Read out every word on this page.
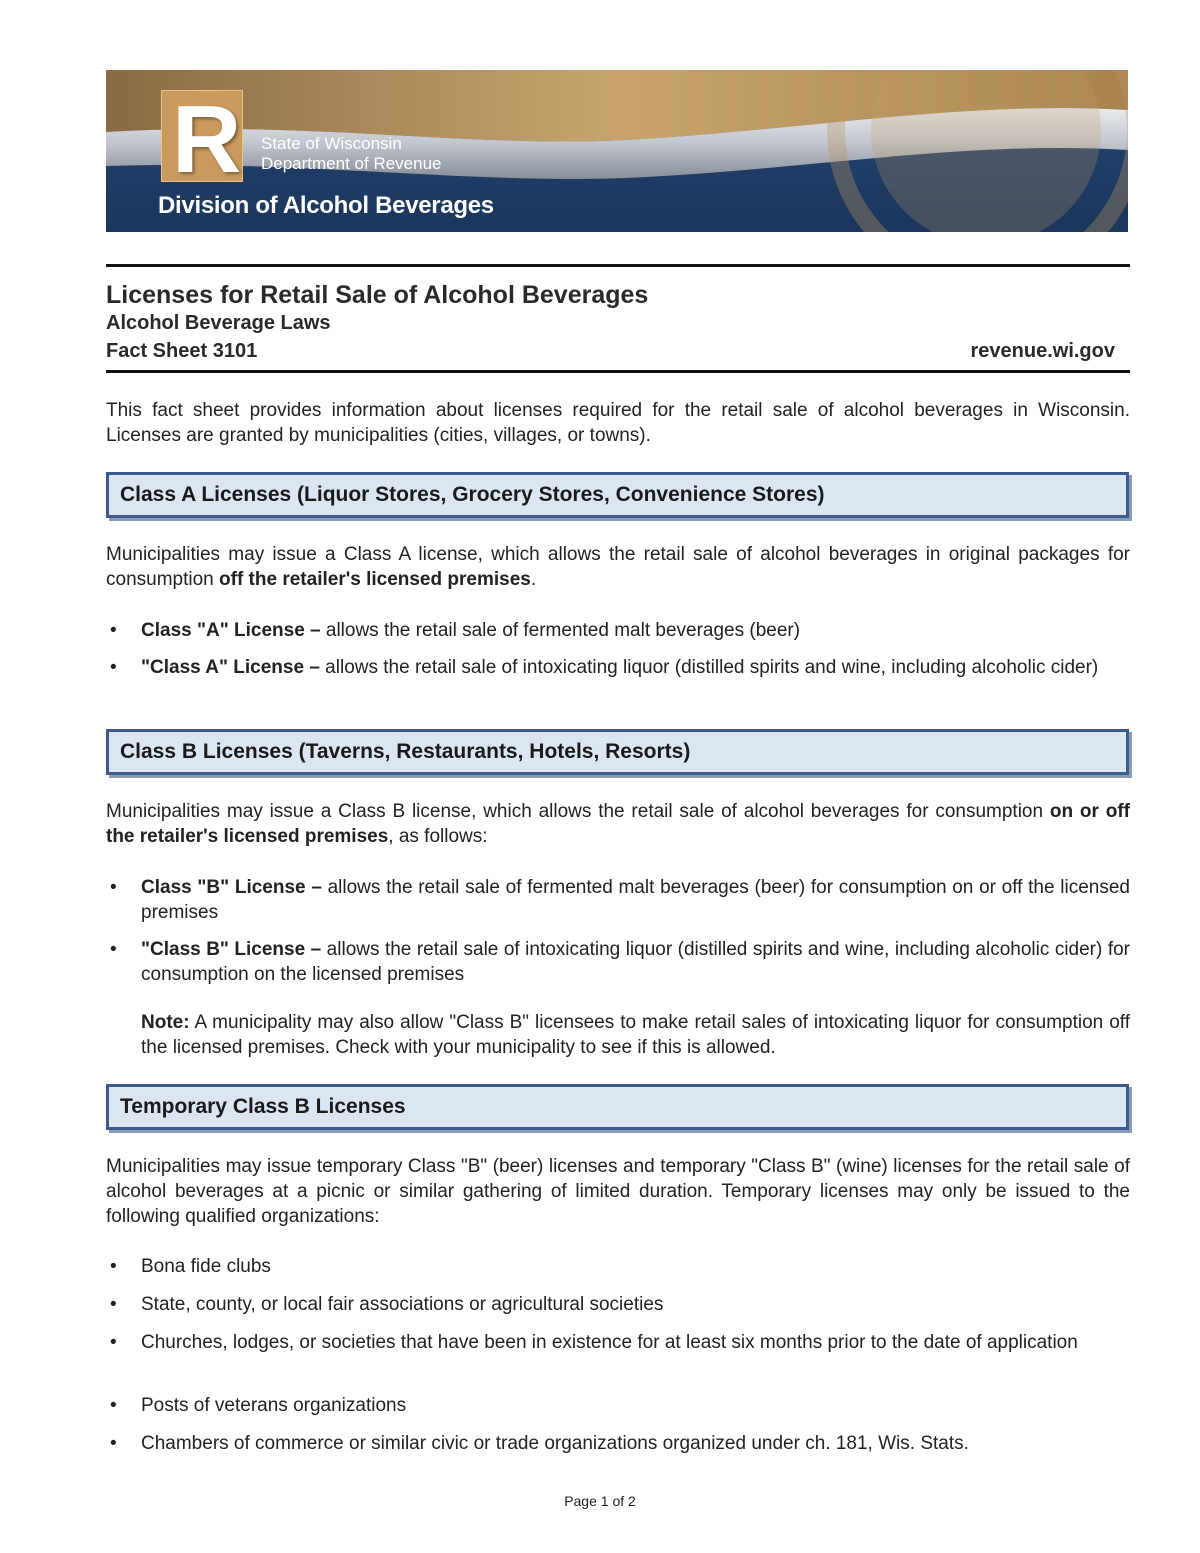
R State of Wisconsin
Department of Revenue
Division of Alcohol Beverages
Licenses for Retail Sale of Alcohol Beverages
Alcohol Beverage Laws
Fact Sheet 3101	revenue.wi.gov
This fact sheet provides information about licenses required for the retail sale of alcohol beverages in Wisconsin. Licenses are granted by municipalities (cities, villages, or towns).
Class A Licenses (Liquor Stores, Grocery Stores, Convenience Stores)
Municipalities may issue a Class A license, which allows the retail sale of alcohol beverages in original packages for consumption off the retailer's licensed premises.
• Class "A" License – allows the retail sale of fermented malt beverages (beer)
• "Class A" License – allows the retail sale of intoxicating liquor (distilled spirits and wine, including alcoholic cider)
Class B Licenses (Taverns, Restaurants, Hotels, Resorts)
Municipalities may issue a Class B license, which allows the retail sale of alcohol beverages for consumption on or off the retailer's licensed premises, as follows:
• Class "B" License – allows the retail sale of fermented malt beverages (beer) for consumption on or off the licensed premises
• "Class B" License – allows the retail sale of intoxicating liquor (distilled spirits and wine, including alcoholic cider) for consumption on the licensed premises
Note: A municipality may also allow "Class B" licensees to make retail sales of intoxicating liquor for consumption off the licensed premises. Check with your municipality to see if this is allowed.
Temporary Class B Licenses
Municipalities may issue temporary Class "B" (beer) licenses and temporary "Class B" (wine) licenses for the retail sale of alcohol beverages at a picnic or similar gathering of limited duration. Temporary licenses may only be issued to the following qualified organizations:
• Bona fide clubs
• State, county, or local fair associations or agricultural societies
• Churches, lodges, or societies that have been in existence for at least six months prior to the date of application
• Posts of veterans organizations
• Chambers of commerce or similar civic or trade organizations organized under ch. 181, Wis. Stats.
Page 1 of 2
